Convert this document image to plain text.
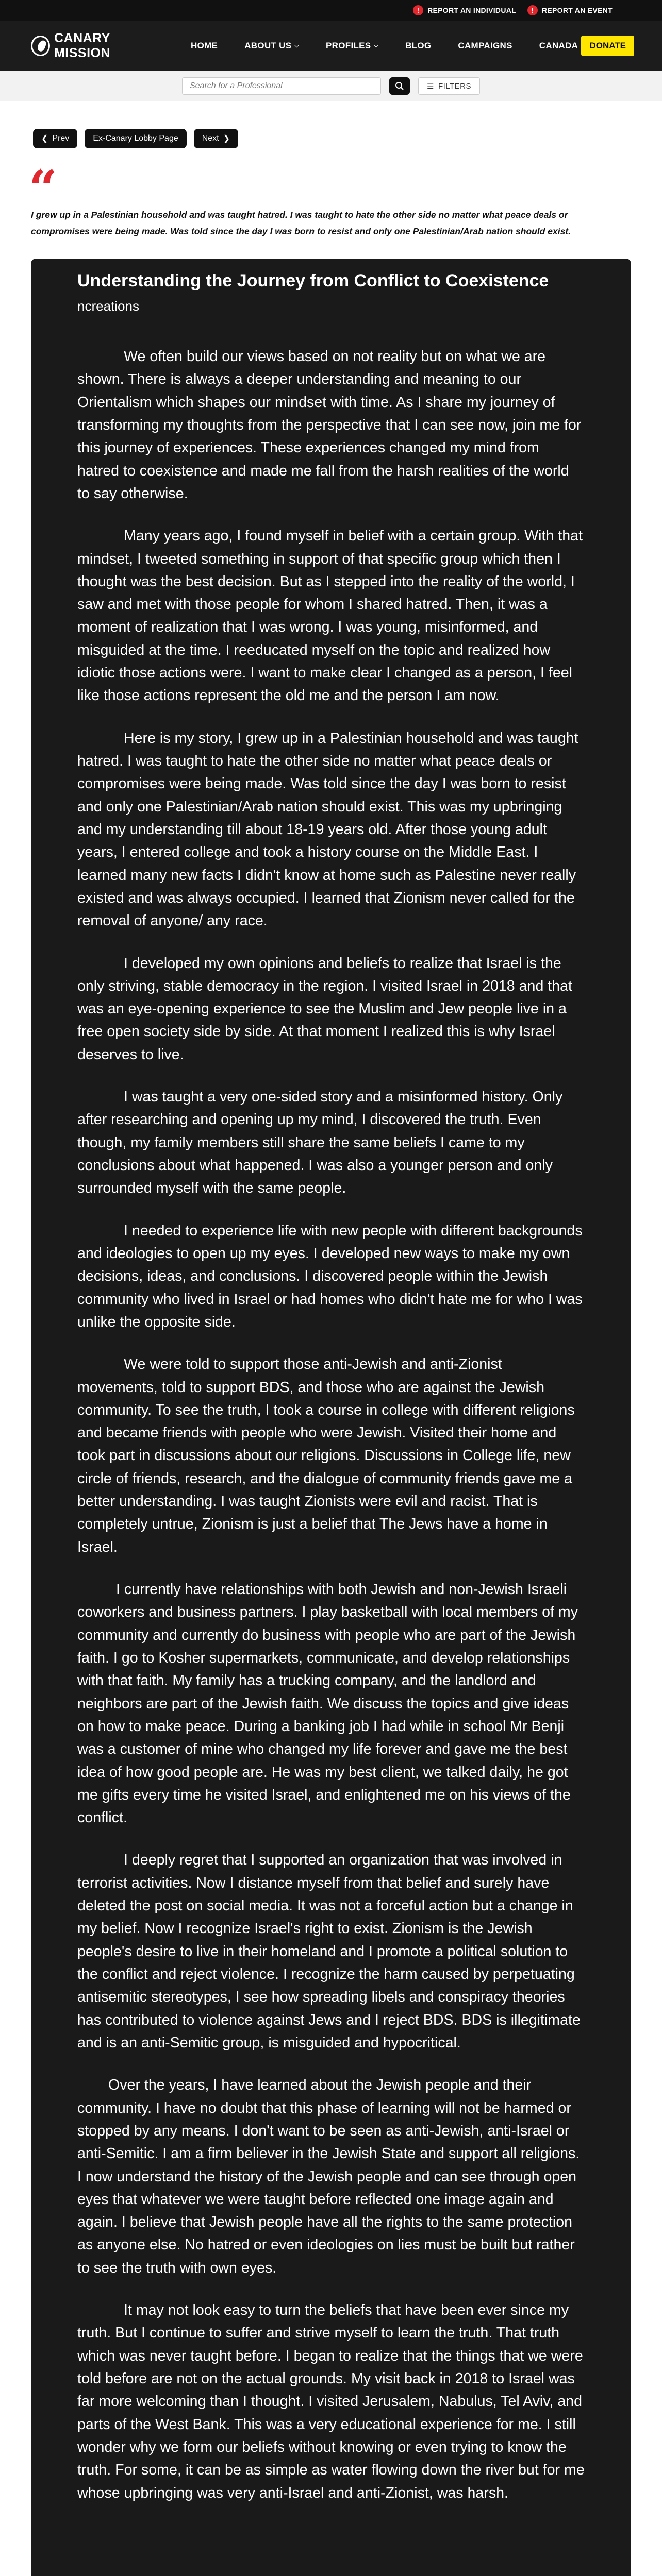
!	REPORT AN INDIVIDUAL	!	REPORT AN EVENT
CANARY MISSION
HOME	ABOUT US ⌵	PROFILES ⌵	BLOG	CAMPAIGNS	CANADA	DONATE
Search for a Professional	☰ FILTERS
❮ Prev	Ex-Canary Lobby Page	Next ❯
“

I grew up in a Palestinian household and was taught hatred. I was taught to hate the other side no matter what peace deals or compromises were being made. Was told since the day I was born to resist and only one Palestinian/Arab nation should exist.

Understanding the Journey from Conflict to Coexistence
ncreations

We often build our views based on not reality but on what we are shown. There is always a deeper understanding and meaning to our Orientalism which shapes our mindset with time. As I share my journey of transforming my thoughts from the perspective that I can see now, join me for this journey of experiences. These experiences changed my mind from hatred to coexistence and made me fall from the harsh realities of the world to say otherwise.

Many years ago, I found myself in belief with a certain group. With that mindset, I tweeted something in support of that specific group which then I thought was the best decision. But as I stepped into the reality of the world, I saw and met with those people for whom I shared hatred. Then, it was a moment of realization that I was wrong. I was young, misinformed, and misguided at the time. I reeducated myself on the topic and realized how idiotic those actions were. I want to make clear I changed as a person, I feel like those actions represent the old me and the person I am now.

Here is my story, I grew up in a Palestinian household and was taught hatred. I was taught to hate the other side no matter what peace deals or compromises were being made. Was told since the day I was born to resist and only one Palestinian/Arab nation should exist. This was my upbringing and my understanding till about 18-19 years old. After those young adult years, I entered college and took a history course on the Middle East. I learned many new facts I didn't know at home such as Palestine never really existed and was always occupied. I learned that Zionism never called for the removal of anyone/ any race.

I developed my own opinions and beliefs to realize that Israel is the only striving, stable democracy in the region. I visited Israel in 2018 and that was an eye-opening experience to see the Muslim and Jew people live in a free open society side by side. At that moment I realized this is why Israel deserves to live.

I was taught a very one-sided story and a misinformed history. Only after researching and opening up my mind, I discovered the truth. Even though, my family members still share the same beliefs I came to my conclusions about what happened. I was also a younger person and only surrounded myself with the same people.

I needed to experience life with new people with different backgrounds and ideologies to open up my eyes. I developed new ways to make my own decisions, ideas, and conclusions. I discovered people within the Jewish community who lived in Israel or had homes who didn't hate me for who I was unlike the opposite side.

We were told to support those anti-Jewish and anti-Zionist movements, told to support BDS, and those who are against the Jewish community. To see the truth, I took a course in college with different religions and became friends with people who were Jewish. Visited their home and took part in discussions about our religions. Discussions in College life, new circle of friends, research, and the dialogue of community friends gave me a better understanding. I was taught Zionists were evil and racist. That is completely untrue, Zionism is just a belief that The Jews have a home in Israel.

I currently have relationships with both Jewish and non-Jewish Israeli coworkers and business partners. I play basketball with local members of my community and currently do business with people who are part of the Jewish faith. I go to Kosher supermarkets, communicate, and develop relationships with that faith. My family has a trucking company, and the landlord and neighbors are part of the Jewish faith. We discuss the topics and give ideas on how to make peace. During a banking job I had while in school Mr Benji was a customer of mine who changed my life forever and gave me the best idea of how good people are. He was my best client, we talked daily, he got me gifts every time he visited Israel, and enlightened me on his views of the conflict.

I deeply regret that I supported an organization that was involved in terrorist activities. Now I distance myself from that belief and surely have deleted the post on social media. It was not a forceful action but a change in my belief. Now I recognize Israel's right to exist. Zionism is the Jewish people's desire to live in their homeland and I promote a political solution to the conflict and reject violence. I recognize the harm caused by perpetuating antisemitic stereotypes, I see how spreading libels and conspiracy theories has contributed to violence against Jews and I reject BDS. BDS is illegitimate and is an anti-Semitic group, is misguided and hypocritical.

Over the years, I have learned about the Jewish people and their community. I have no doubt that this phase of learning will not be harmed or stopped by any means. I don't want to be seen as anti-Jewish, anti-Israel or anti-Semitic. I am a firm believer in the Jewish State and support all religions. I now understand the history of the Jewish people and can see through open eyes that whatever we were taught before reflected one image again and again. I believe that Jewish people have all the rights to the same protection as anyone else. No hatred or even ideologies on lies must be built but rather to see the truth with own eyes.

It may not look easy to turn the beliefs that have been ever since my truth. But I continue to suffer and strive myself to learn the truth. That truth which was never taught before. I began to realize that the things that we were told before are not on the actual grounds. My visit back in 2018 to Israel was far more welcoming than I thought. I visited Jerusalem, Nabulus, Tel Aviv, and parts of the West Bank. This was a very educational experience for me. I still wonder why we form our beliefs without knowing or even trying to know the truth. For some, it can be as simple as water flowing down the river but for me whose upbringing was very anti-Israel and anti-Zionist, was harsh.
